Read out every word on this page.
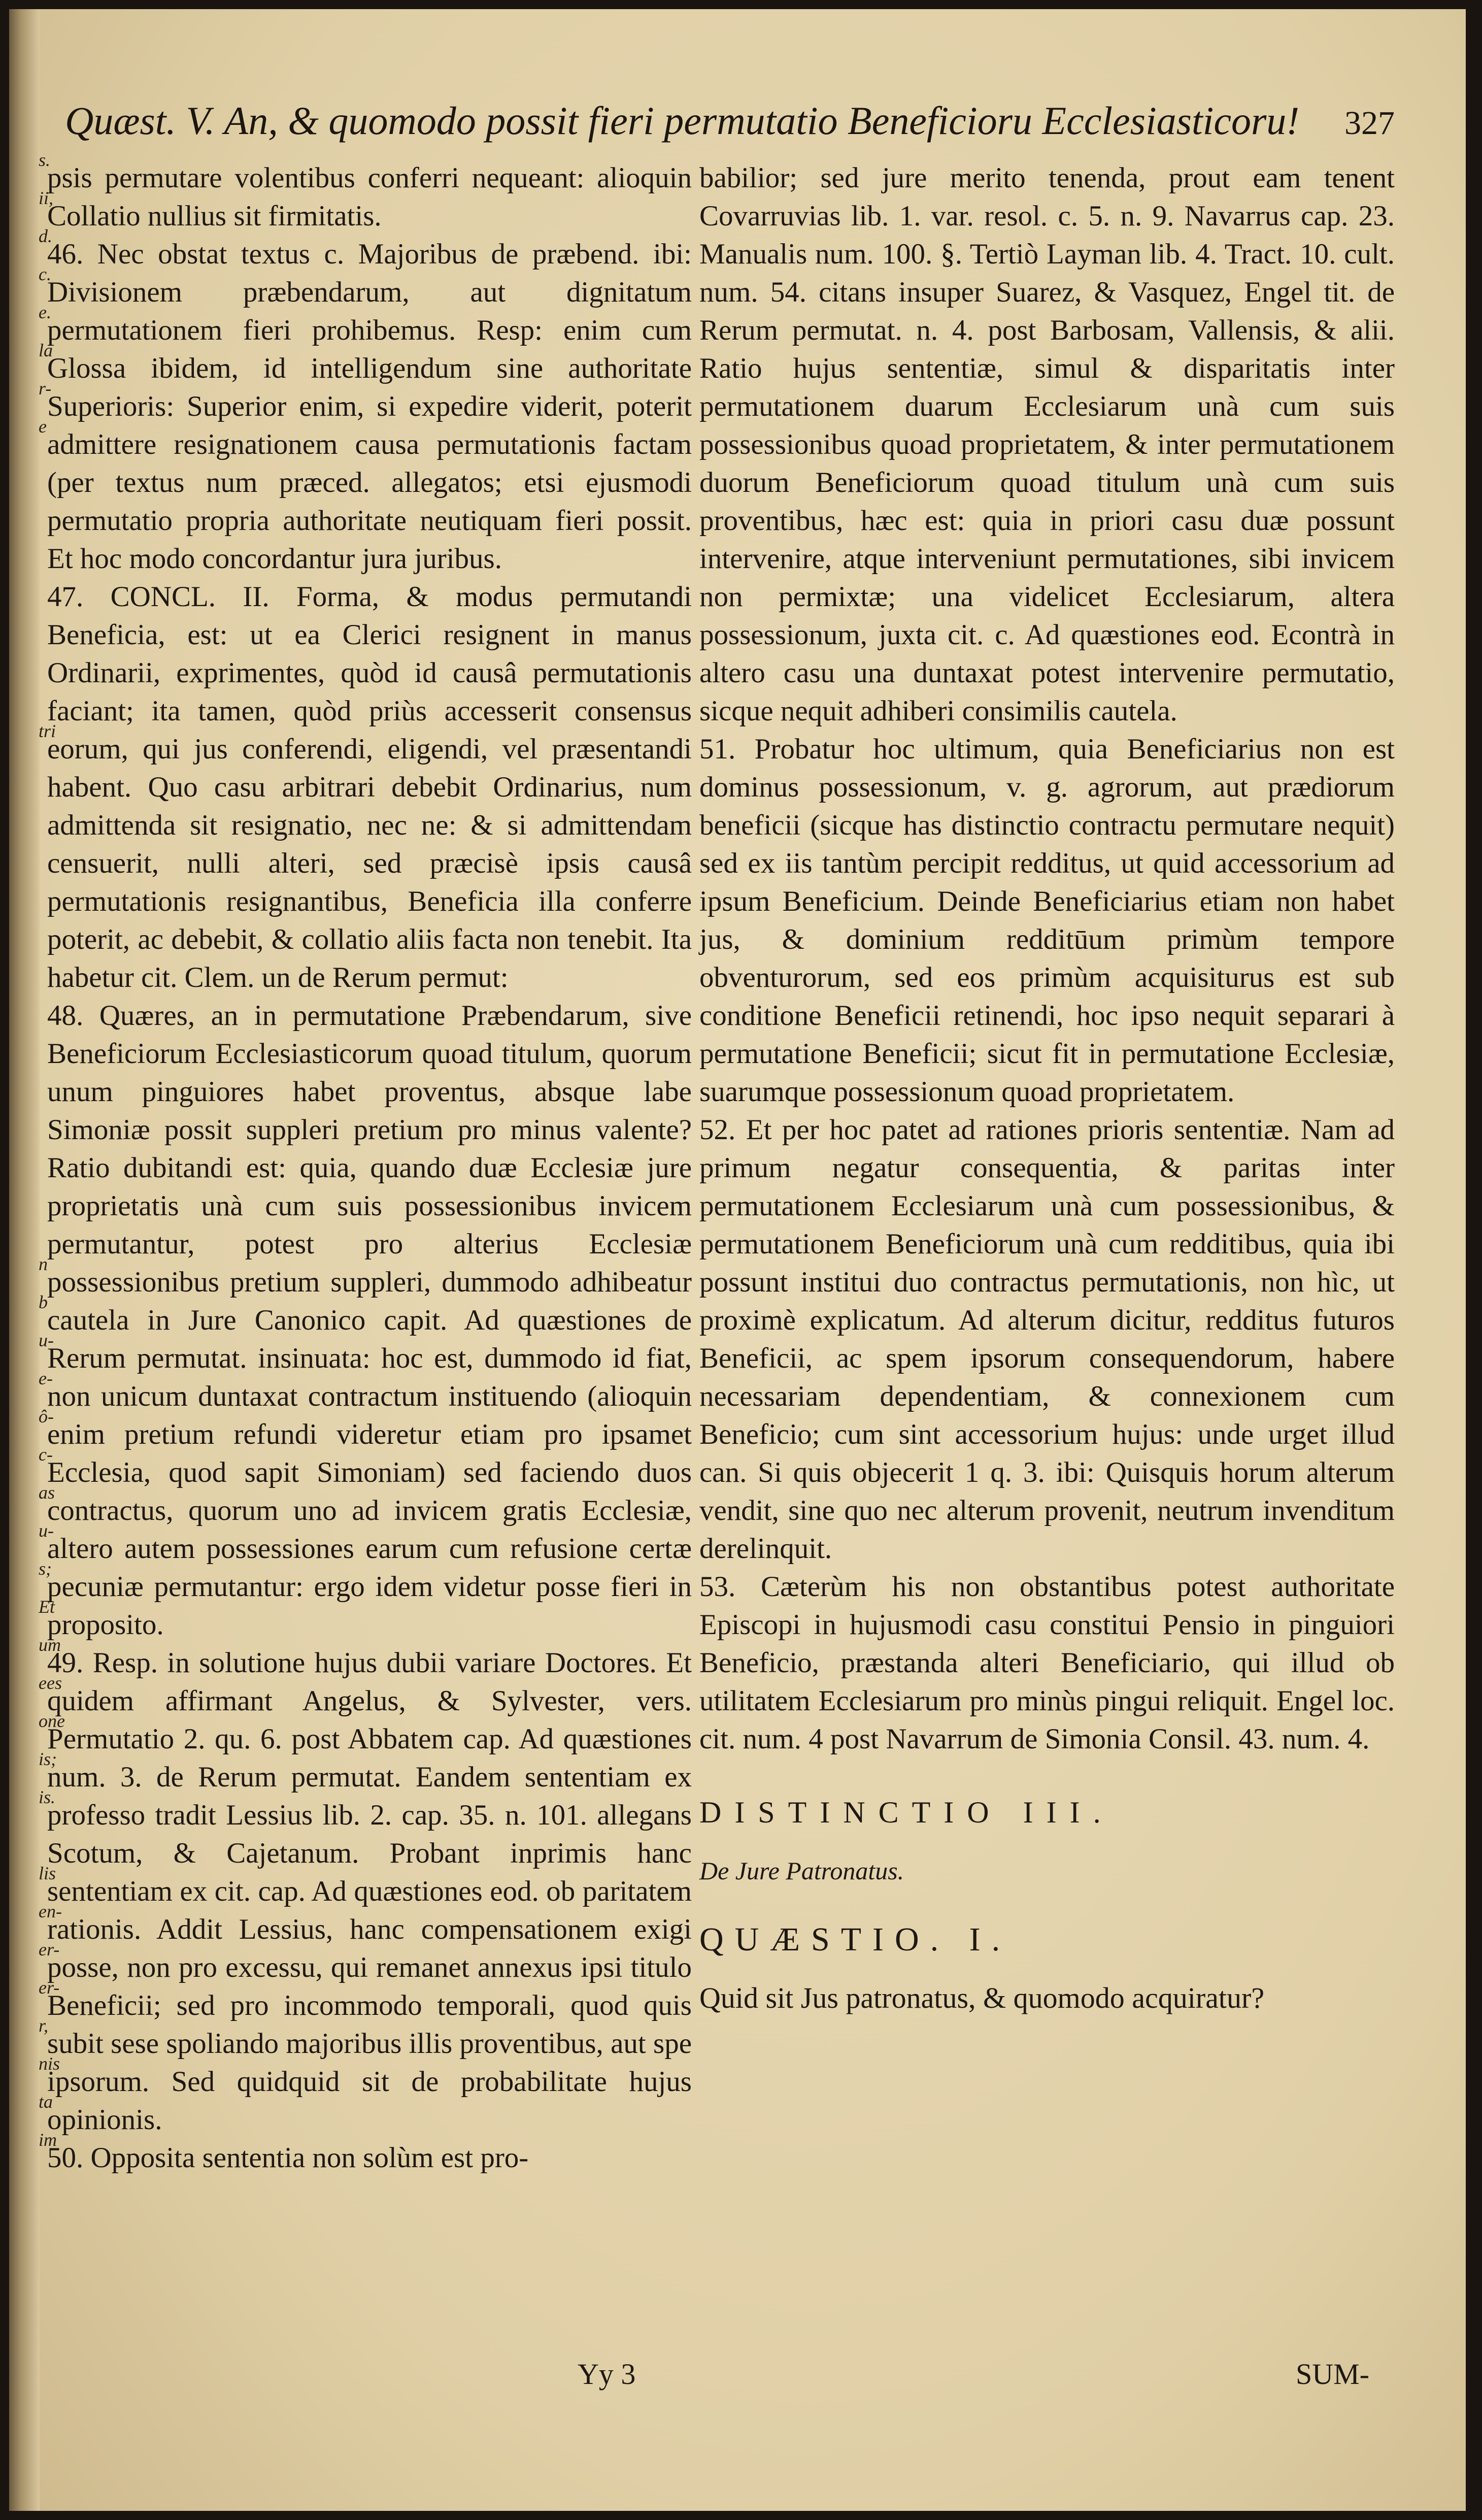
s.
ii,
d.
c.
e.
la
r-
e
tri
n
b
u-
e-
ô-
c-
as
u-
s;
Et
um
ees
one
is;
is.
lis
en-
er-
er-
r,
nis
ta
im
Quæst. V. An, & quomodo possit fieri permutatio Beneficioru Ecclesiasticoru! 327

psis permutare volentibus conferri nequeant: alioquin Collatio nullius sit firmitatis.

46. Nec obstat textus c. Majoribus de præbend. ibi: Divisionem præbendarum, aut dignitatum permutationem fieri prohibemus. Resp: enim cum Glossa ibidem, id intelligendum sine authoritate Superioris: Superior enim, si expedire viderit, poterit admittere resignationem causa permutationis factam (per textus num præced. allegatos; etsi ejusmodi permutatio propria authoritate neutiquam fieri possit. Et hoc modo concordantur jura juribus.

47. CONCL. II. Forma, & modus permutandi Beneficia, est: ut ea Clerici resignent in manus Ordinarii, exprimentes, quòd id causâ permutationis faciant; ita tamen, quòd priùs accesserit consensus eorum, qui jus conferendi, eligendi, vel præsentandi habent. Quo casu arbitrari debebit Ordinarius, num admittenda sit resignatio, nec ne: & si admittendam censuerit, nulli alteri, sed præcisè ipsis causâ permutationis resignantibus, Beneficia illa conferre poterit, ac debebit, & collatio aliis facta non tenebit. Ita habetur cit. Clem. un de Rerum permut:

48. Quæres, an in permutatione Præbendarum, sive Beneficiorum Ecclesiasticorum quoad titulum, quorum unum pinguiores habet proventus, absque labe Simoniæ possit suppleri pretium pro minus valente? Ratio dubitandi est: quia, quando duæ Ecclesiæ jure proprietatis unà cum suis possessionibus invicem permutantur, potest pro alterius Ecclesiæ possessionibus pretium suppleri, dummodo adhibeatur cautela in Jure Canonico capit. Ad quæstiones de Rerum permutat. insinuata: hoc est, dummodo id fiat, non unicum duntaxat contractum instituendo (alioquin enim pretium refundi videretur etiam pro ipsamet Ecclesia, quod sapit Simoniam) sed faciendo duos contractus, quorum uno ad invicem gratis Ecclesiæ, altero autem possessiones earum cum refusione certæ pecuniæ permutantur: ergo idem videtur posse fieri in proposito.

49. Resp. in solutione hujus dubii variare Doctores. Et quidem affirmant Angelus, & Sylvester, vers. Permutatio 2. qu. 6. post Abbatem cap. Ad quæstiones num. 3. de Rerum permutat. Eandem sententiam ex professo tradit Lessius lib. 2. cap. 35. n. 101. allegans Scotum, & Cajetanum. Probant inprimis hanc sententiam ex cit. cap. Ad quæstiones eod. ob paritatem rationis. Addit Lessius, hanc compensationem exigi posse, non pro excessu, qui remanet annexus ipsi titulo Beneficii; sed pro incommodo temporali, quod quis subit sese spoliando majoribus illis proventibus, aut spe ipsorum. Sed quidquid sit de probabilitate hujus opinionis.

50. Opposita sententia non solùm est pro-

babilior; sed jure merito tenenda, prout eam tenent Covarruvias lib. 1. var. resol. c. 5. n. 9. Navarrus cap. 23. Manualis num. 100. §. Tertiò Layman lib. 4. Tract. 10. cult. num. 54. citans insuper Suarez, & Vasquez, Engel tit. de Rerum permutat. n. 4. post Barbosam, Vallensis, & alii. Ratio hujus sententiæ, simul & disparitatis inter permutationem duarum Ecclesiarum unà cum suis possessionibus quoad proprietatem, & inter permutationem duorum Beneficiorum quoad titulum unà cum suis proventibus, hæc est: quia in priori casu duæ possunt intervenire, atque interveniunt permutationes, sibi invicem non permixtæ; una videlicet Ecclesiarum, altera possessionum, juxta cit. c. Ad quæstiones eod. Econtrà in altero casu una duntaxat potest intervenire permutatio, sicque nequit adhiberi consimilis cautela.

51. Probatur hoc ultimum, quia Beneficiarius non est dominus possessionum, v. g. agrorum, aut prædiorum beneficii (sicque has distinctio contractu permutare nequit) sed ex iis tantùm percipit redditus, ut quid accessorium ad ipsum Beneficium. Deinde Beneficiarius etiam non habet jus, & dominium redditūum primùm tempore obventurorum, sed eos primùm acquisiturus est sub conditione Beneficii retinendi, hoc ipso nequit separari à permutatione Beneficii; sicut fit in permutatione Ecclesiæ, suarumque possessionum quoad proprietatem.

52. Et per hoc patet ad rationes prioris sententiæ. Nam ad primum negatur consequentia, & paritas inter permutationem Ecclesiarum unà cum possessionibus, & permutationem Beneficiorum unà cum redditibus, quia ibi possunt institui duo contractus permutationis, non hìc, ut proximè explicatum. Ad alterum dicitur, redditus futuros Beneficii, ac spem ipsorum consequendorum, habere necessariam dependentiam, & connexionem cum Beneficio; cum sint accessorium hujus: unde urget illud can. Si quis objecerit 1 q. 3. ibi: Quisquis horum alterum vendit, sine quo nec alterum provenit, neutrum invenditum derelinquit.

53. Cæterùm his non obstantibus potest authoritate Episcopi in hujusmodi casu constitui Pensio in pinguiori Beneficio, præstanda alteri Beneficiario, qui illud ob utilitatem Ecclesiarum pro minùs pingui reliquit. Engel loc. cit. num. 4 post Navarrum de Simonia Consil. 43. num. 4.

DISTINCTIO III.

De Jure Patronatus.

QUÆSTIO. I.

Quid sit Jus patronatus, & quomodo acquiratur?

Yy 3	SUM-
